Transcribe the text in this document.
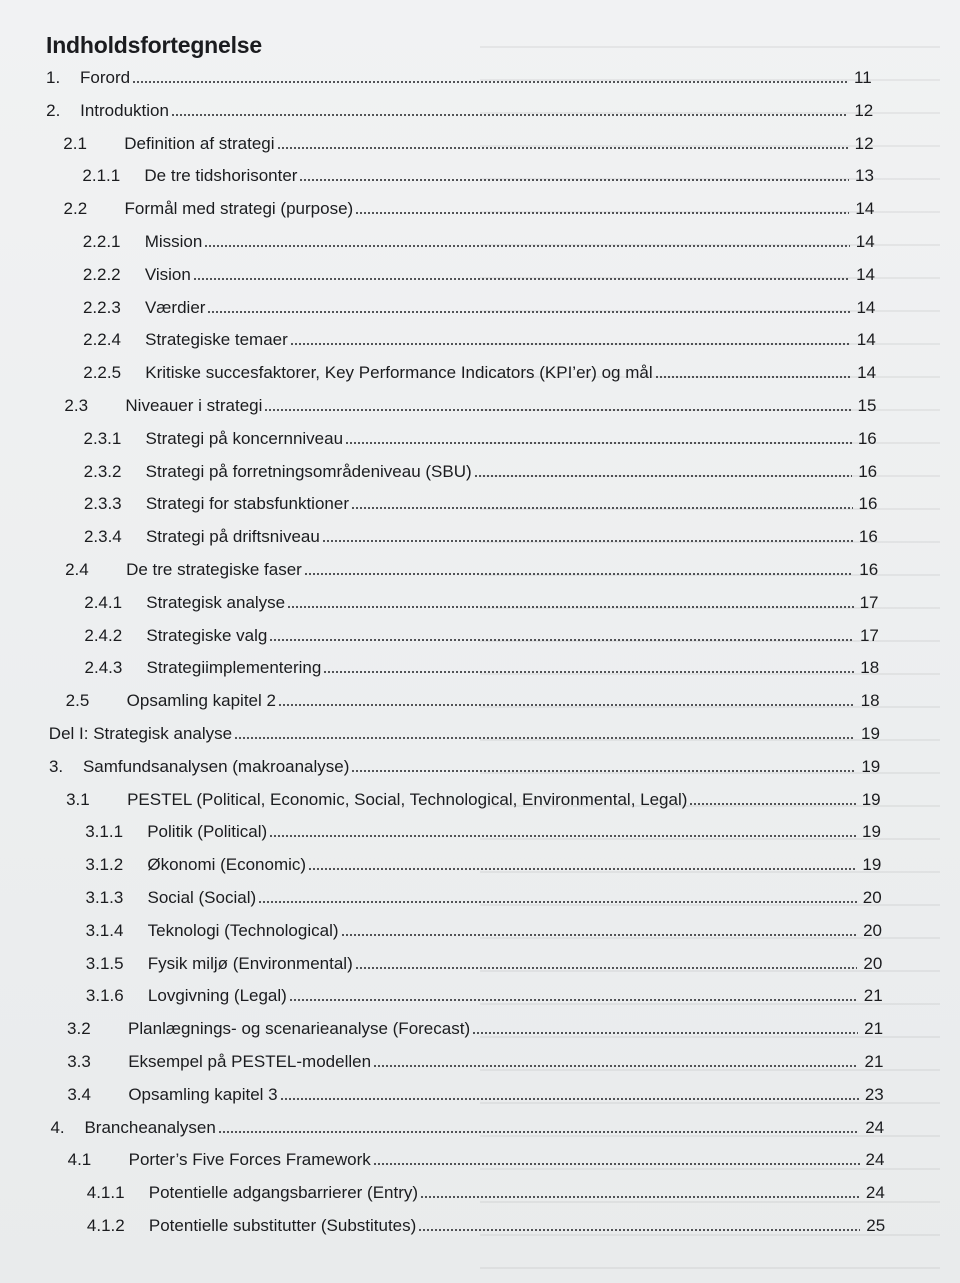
Indholdsfortegnelse
1.	Forord	11
2.	Introduktion	12
2.1	Definition af strategi	12
2.1.1	De tre tidshorisonter	13
2.2	Formål med strategi (purpose)	14
2.2.1	Mission	14
2.2.2	Vision	14
2.2.3	Værdier	14
2.2.4	Strategiske temaer	14
2.2.5	Kritiske succesfaktorer, Key Performance Indicators (KPI’er) og mål	14
2.3	Niveauer i strategi	15
2.3.1	Strategi på koncernniveau	16
2.3.2	Strategi på forretningsområdeniveau (SBU)	16
2.3.3	Strategi for stabsfunktioner	16
2.3.4	Strategi på driftsniveau	16
2.4	De tre strategiske faser	16
2.4.1	Strategisk analyse	17
2.4.2	Strategiske valg	17
2.4.3	Strategiimplementering	18
2.5	Opsamling kapitel 2	18
Del I: Strategisk analyse	19
3.	Samfundsanalysen (makroanalyse)	19
3.1	PESTEL (Political, Economic, Social, Technological, Environmental, Legal)	19
3.1.1	Politik (Political)	19
3.1.2	Økonomi (Economic)	19
3.1.3	Social (Social)	20
3.1.4	Teknologi (Technological)	20
3.1.5	Fysik miljø (Environmental)	20
3.1.6	Lovgivning (Legal)	21
3.2	Planlægnings- og scenarieanalyse (Forecast)	21
3.3	Eksempel på PESTEL-modellen	21
3.4	Opsamling kapitel 3	23
4.	Brancheanalysen	24
4.1	Porter’s Five Forces Framework	24
4.1.1	Potentielle adgangsbarrierer (Entry)	24
4.1.2	Potentielle substitutter (Substitutes)	25
